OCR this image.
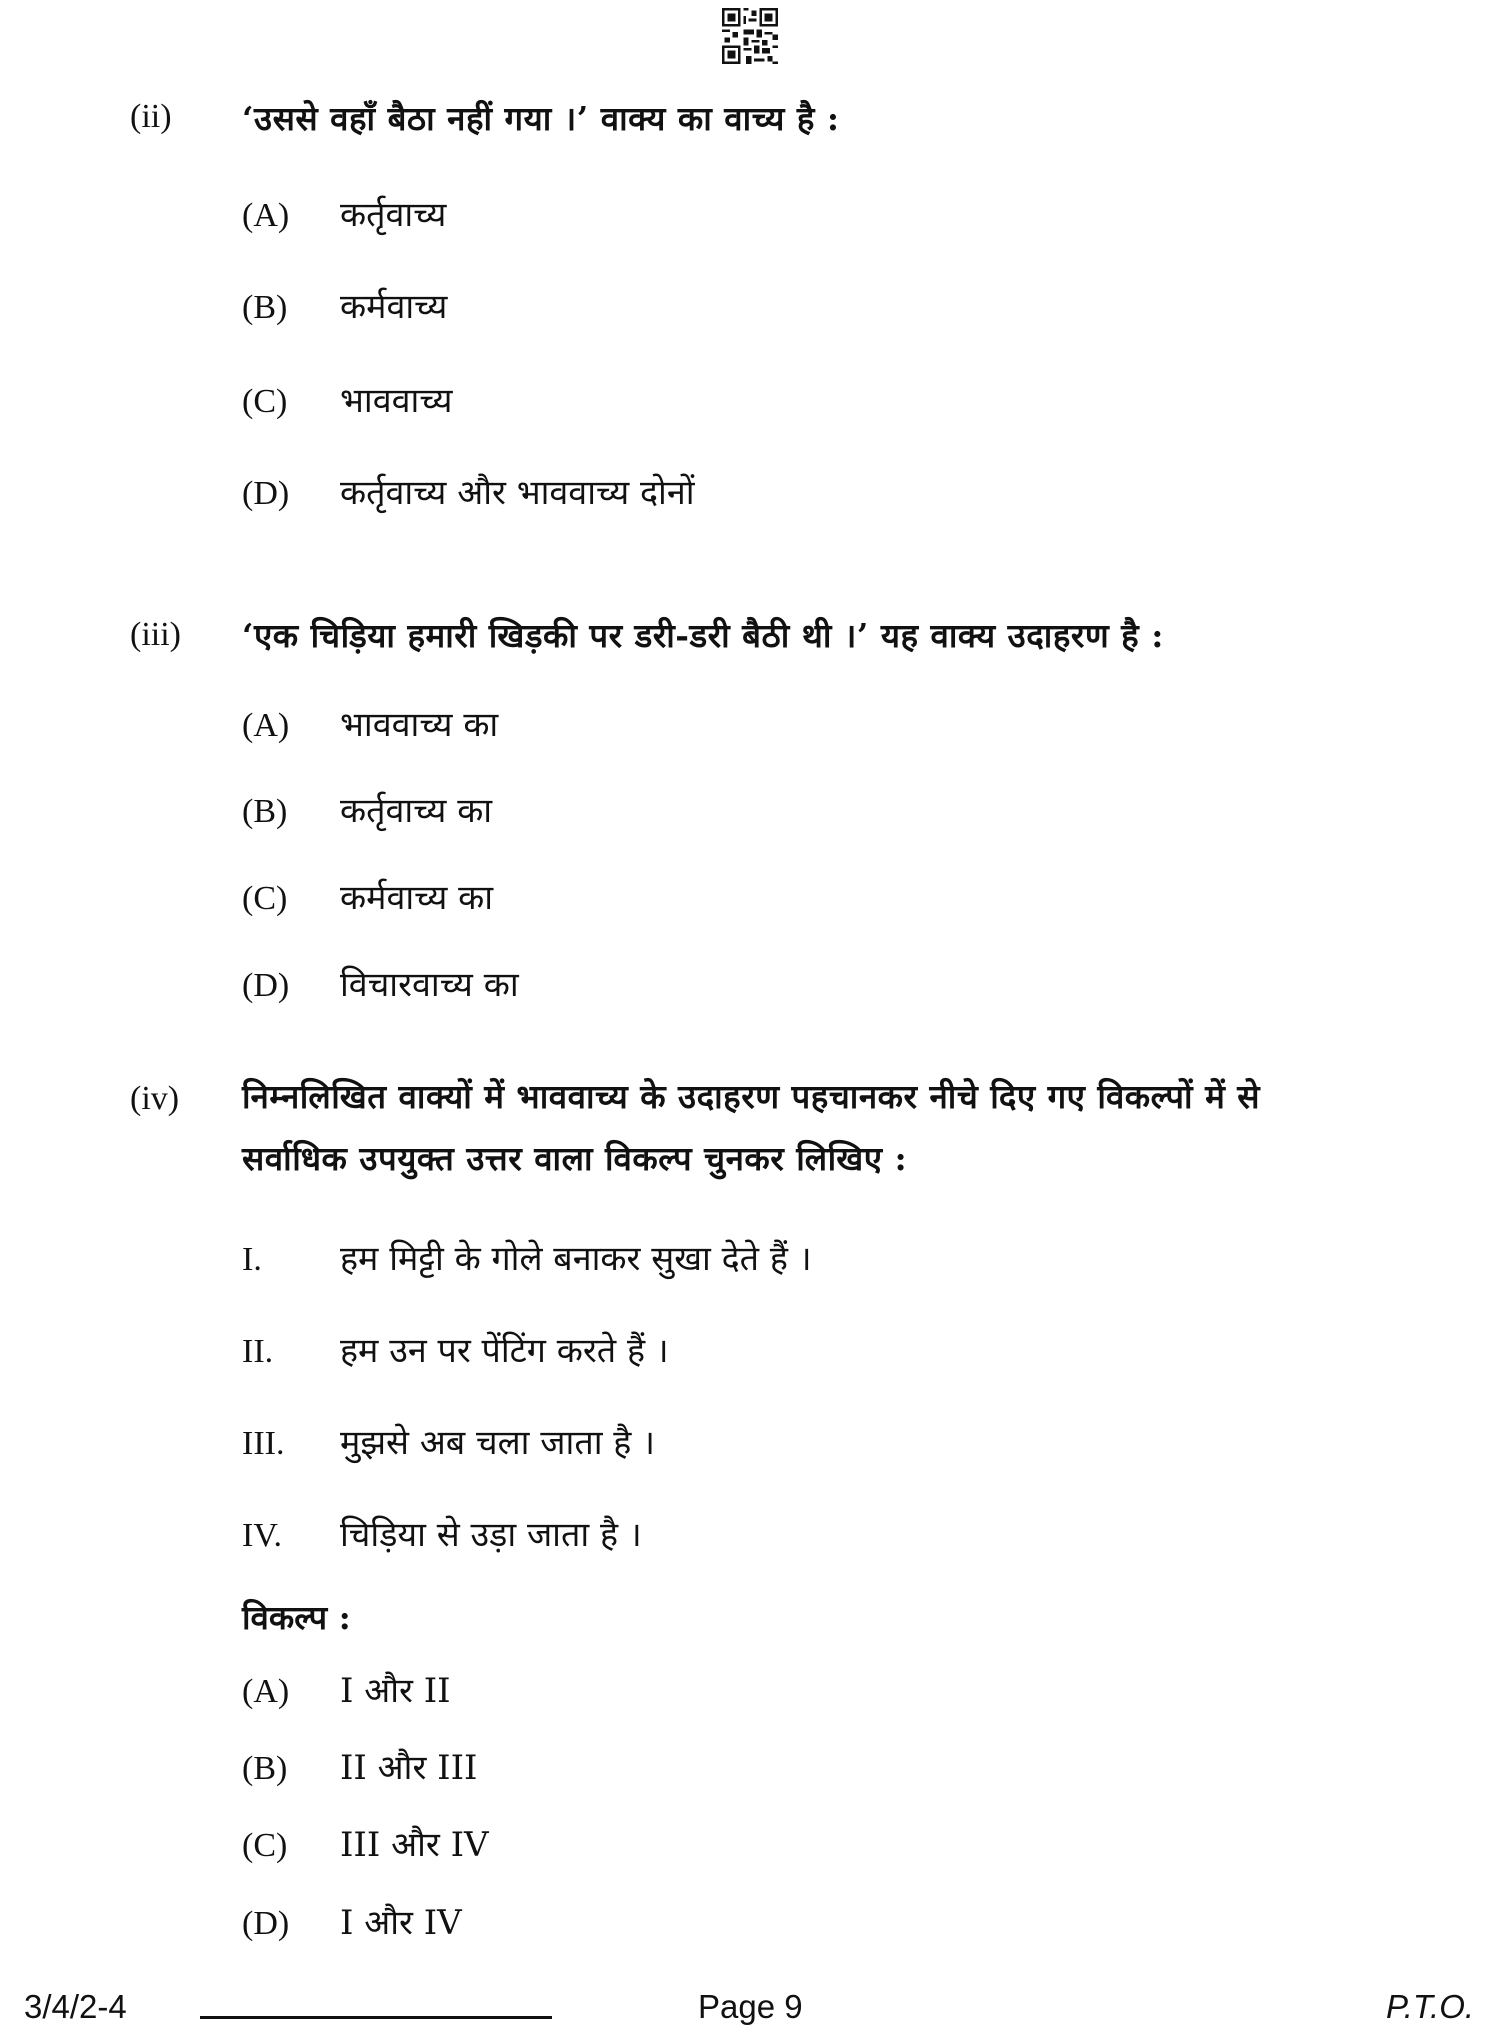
(ii) ‘उससे वहाँ बैठा नहीं गया ।’ वाक्य का वाच्य है :
(A) कर्तृवाच्य
(B) कर्मवाच्य
(C) भाववाच्य
(D) कर्तृवाच्य और भाववाच्य दोनों
(iii) ‘एक चिड़िया हमारी खिड़की पर डरी-डरी बैठी थी ।’ यह वाक्य उदाहरण है :
(A) भाववाच्य का
(B) कर्तृवाच्य का
(C) कर्मवाच्य का
(D) विचारवाच्य का
(iv) निम्नलिखित वाक्यों में भाववाच्य के उदाहरण पहचानकर नीचे दिए गए विकल्पों में से
सर्वाधिक उपयुक्त उत्तर वाला विकल्प चुनकर लिखिए :
I. हम मिट्टी के गोले बनाकर सुखा देते हैं ।
II. हम उन पर पेंटिंग करते हैं ।
III. मुझसे अब चला जाता है ।
IV. चिड़िया से उड़ा जाता है ।
विकल्प :
(A) I और II
(B) II और III
(C) III और IV
(D) I और IV
3/4/2-4	Page 9	P.T.O.
